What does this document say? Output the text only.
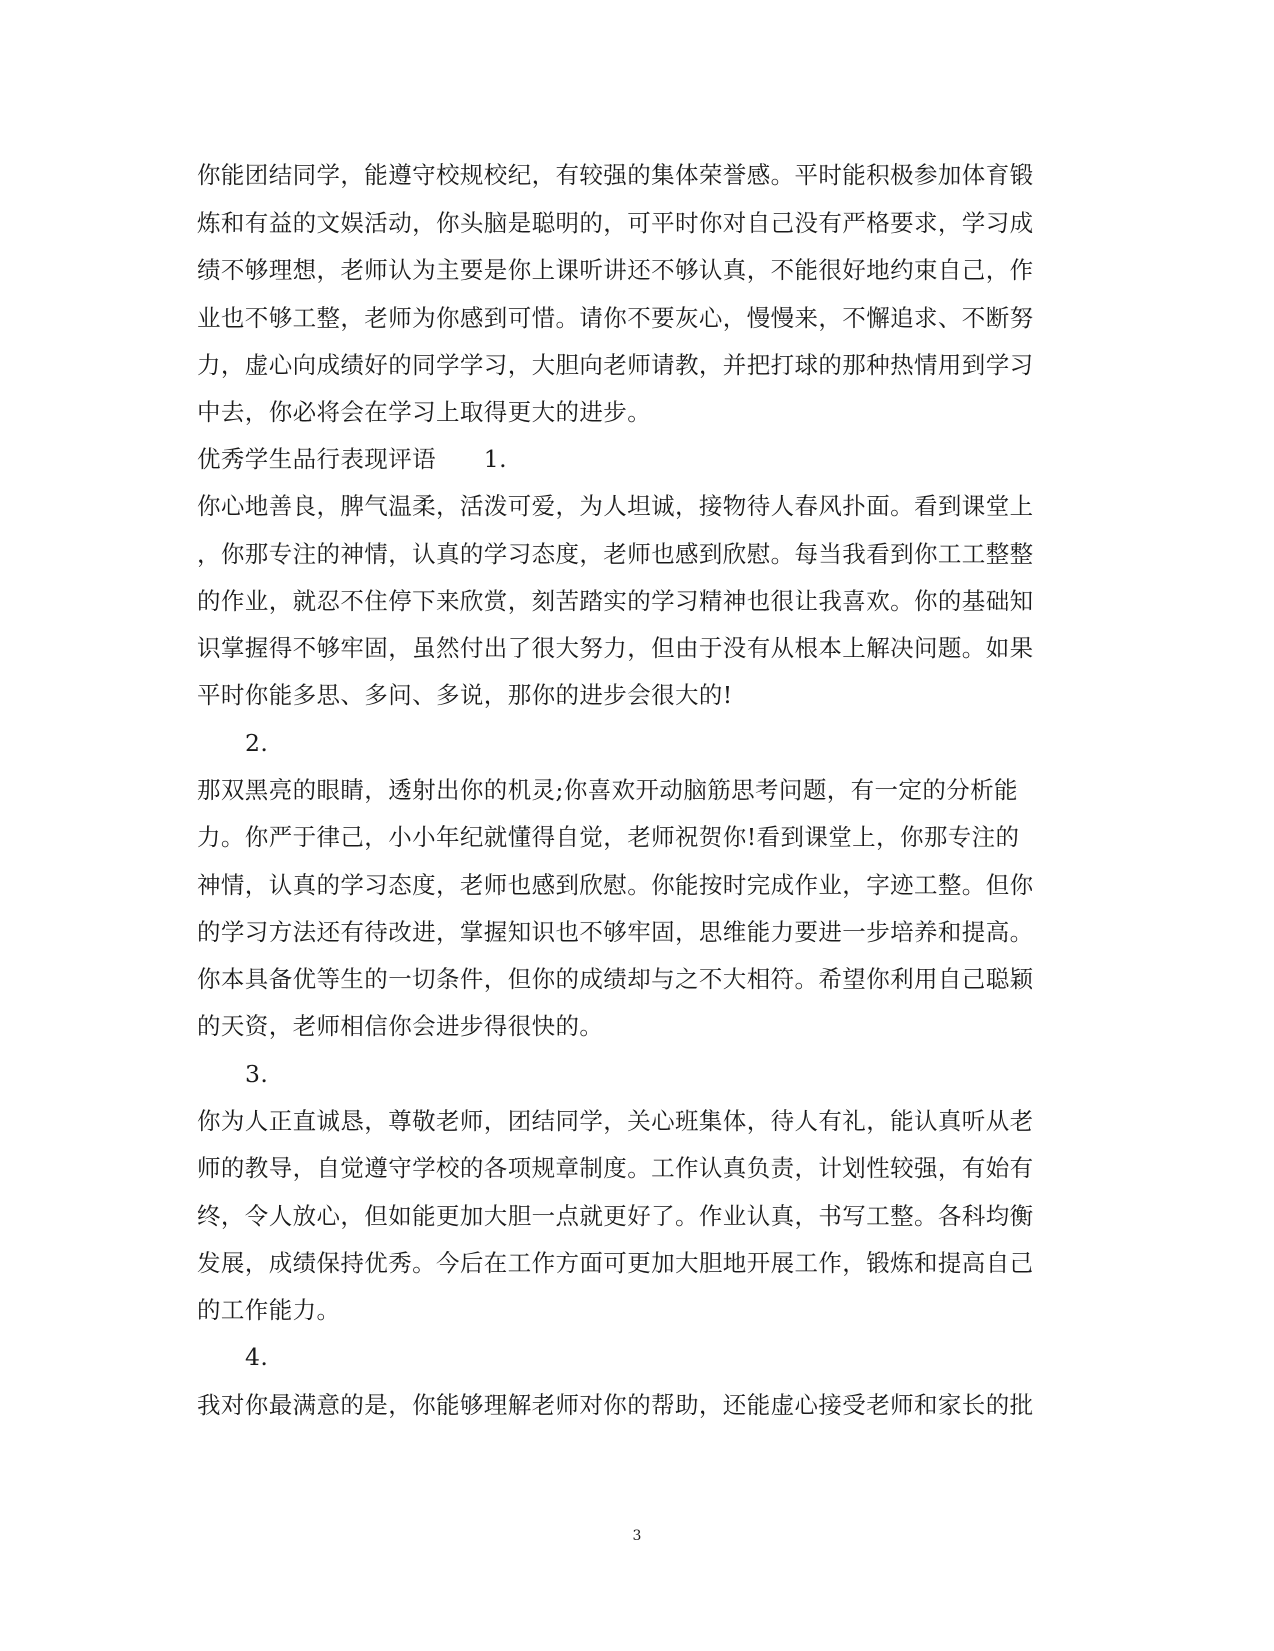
你能团结同学，能遵守校规校纪，有较强的集体荣誉感。平时能积极参加体育锻
炼和有益的文娱活动，你头脑是聪明的，可平时你对自己没有严格要求，学习成
绩不够理想，老师认为主要是你上课听讲还不够认真，不能很好地约束自己，作
业也不够工整，老师为你感到可惜。请你不要灰心，慢慢来，不懈追求、不断努
力，虚心向成绩好的同学学习，大胆向老师请教，并把打球的那种热情用到学习
中去，你必将会在学习上取得更大的进步。
优秀学生品行表现评语　　1.
你心地善良，脾气温柔，活泼可爱，为人坦诚，接物待人春风扑面。看到课堂上
，你那专注的神情，认真的学习态度，老师也感到欣慰。每当我看到你工工整整
的作业，就忍不住停下来欣赏，刻苦踏实的学习精神也很让我喜欢。你的基础知
识掌握得不够牢固，虽然付出了很大努力，但由于没有从根本上解决问题。如果
平时你能多思、多问、多说，那你的进步会很大的!
2.
那双黑亮的眼睛，透射出你的机灵;你喜欢开动脑筋思考问题，有一定的分析能
力。你严于律己，小小年纪就懂得自觉，老师祝贺你!看到课堂上，你那专注的
神情，认真的学习态度，老师也感到欣慰。你能按时完成作业，字迹工整。但你
的学习方法还有待改进，掌握知识也不够牢固，思维能力要进一步培养和提高。
你本具备优等生的一切条件，但你的成绩却与之不大相符。希望你利用自己聪颖
的天资，老师相信你会进步得很快的。
3.
你为人正直诚恳，尊敬老师，团结同学，关心班集体，待人有礼，能认真听从老
师的教导，自觉遵守学校的各项规章制度。工作认真负责，计划性较强，有始有
终，令人放心，但如能更加大胆一点就更好了。作业认真，书写工整。各科均衡
发展，成绩保持优秀。今后在工作方面可更加大胆地开展工作，锻炼和提高自己
的工作能力。
4.
我对你最满意的是，你能够理解老师对你的帮助，还能虚心接受老师和家长的批
3
